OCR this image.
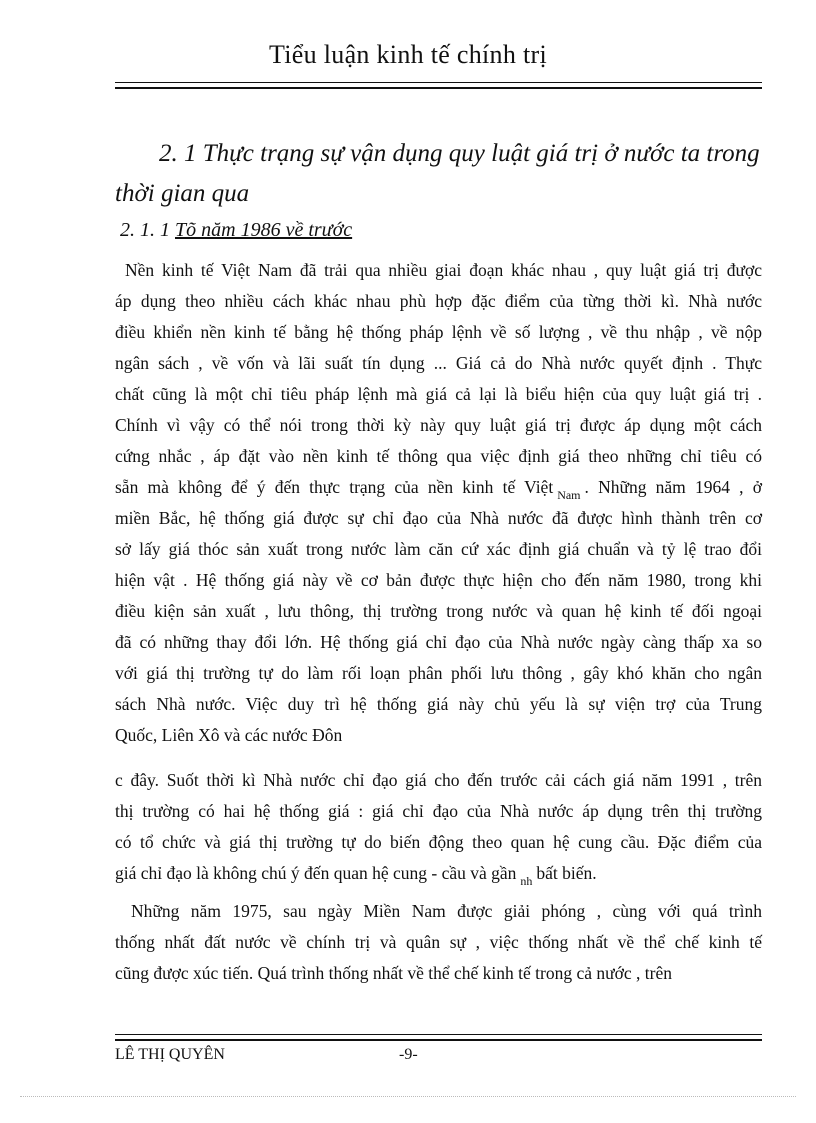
Tiểu luận kinh tế chính trị
2. 1 Thực trạng sự vận dụng quy luật giá trị ở nước ta trong
thời gian qua
2. 1. 1 Tõ năm 1986 về trước
Nền kinh tế Việt Nam đã trải qua nhiều giai đoạn khác nhau , quy luật giá trị được
áp dụng theo nhiều cách khác nhau phù hợp đặc điểm của từng thời kì. Nhà nước
điều khiển nền kinh tế bằng hệ thống pháp lệnh về số lượng , về thu nhập , về nộp
ngân sách , về vốn và lãi suất tín dụng ... Giá cả do Nhà nước quyết định . Thực
chất cũng là một chỉ tiêu pháp lệnh mà giá cả lại là biểu hiện của quy luật giá trị .
Chính vì vậy có thể nói trong thời kỳ này quy luật giá trị được áp dụng một cách
cứng nhắc , áp đặt vào nền kinh tế thông qua việc định giá theo những chỉ tiêu có
sẵn mà không để ý đến thực trạng của nền kinh tế Việt $_{Nam}$ . Những năm 1964 , ở
miền Bắc, hệ thống giá được sự chỉ đạo của Nhà nước đã được hình thành trên cơ
sở lấy giá thóc sản xuất trong nước làm căn cứ xác định giá chuẩn và tỷ lệ trao đổi
hiện vật . Hệ thống giá này về cơ bản được thực hiện cho đến năm 1980, trong khi
điều kiện sản xuất , lưu thông, thị trường trong nước và quan hệ kinh tế đối ngoại
đã có những thay đổi lớn. Hệ thống giá chỉ đạo của Nhà nước ngày càng thấp xa so
với giá thị trường tự do làm rối loạn phân phối lưu thông , gây khó khăn cho ngân
sách Nhà nước. Việc duy trì hệ thống giá này chủ yếu là sự viện trợ của Trung
Quốc, Liên Xô và các nước Đôn
c đây. Suốt thời kì Nhà nước chỉ đạo giá cho đến trước cải cách giá năm 1991 , trên
thị trường có hai hệ thống giá : giá chỉ đạo của Nhà nước áp dụng trên thị trường
có tổ chức và giá thị trường tự do biến động theo quan hệ cung cầu. Đặc điểm của
giá chỉ đạo là không chú ý đến quan hệ cung - cầu và gần $_{nh}$ bất biến.
Những năm 1975, sau ngày Miền Nam được giải phóng , cùng với quá trình
thống nhất đất nước về chính trị và quân sự , việc thống nhất về thể chế kinh tế
cũng được xúc tiến. Quá trình thống nhất về thể chế kinh tế trong cả nước , trên
LÊ THỊ QUYÊN	-9-
